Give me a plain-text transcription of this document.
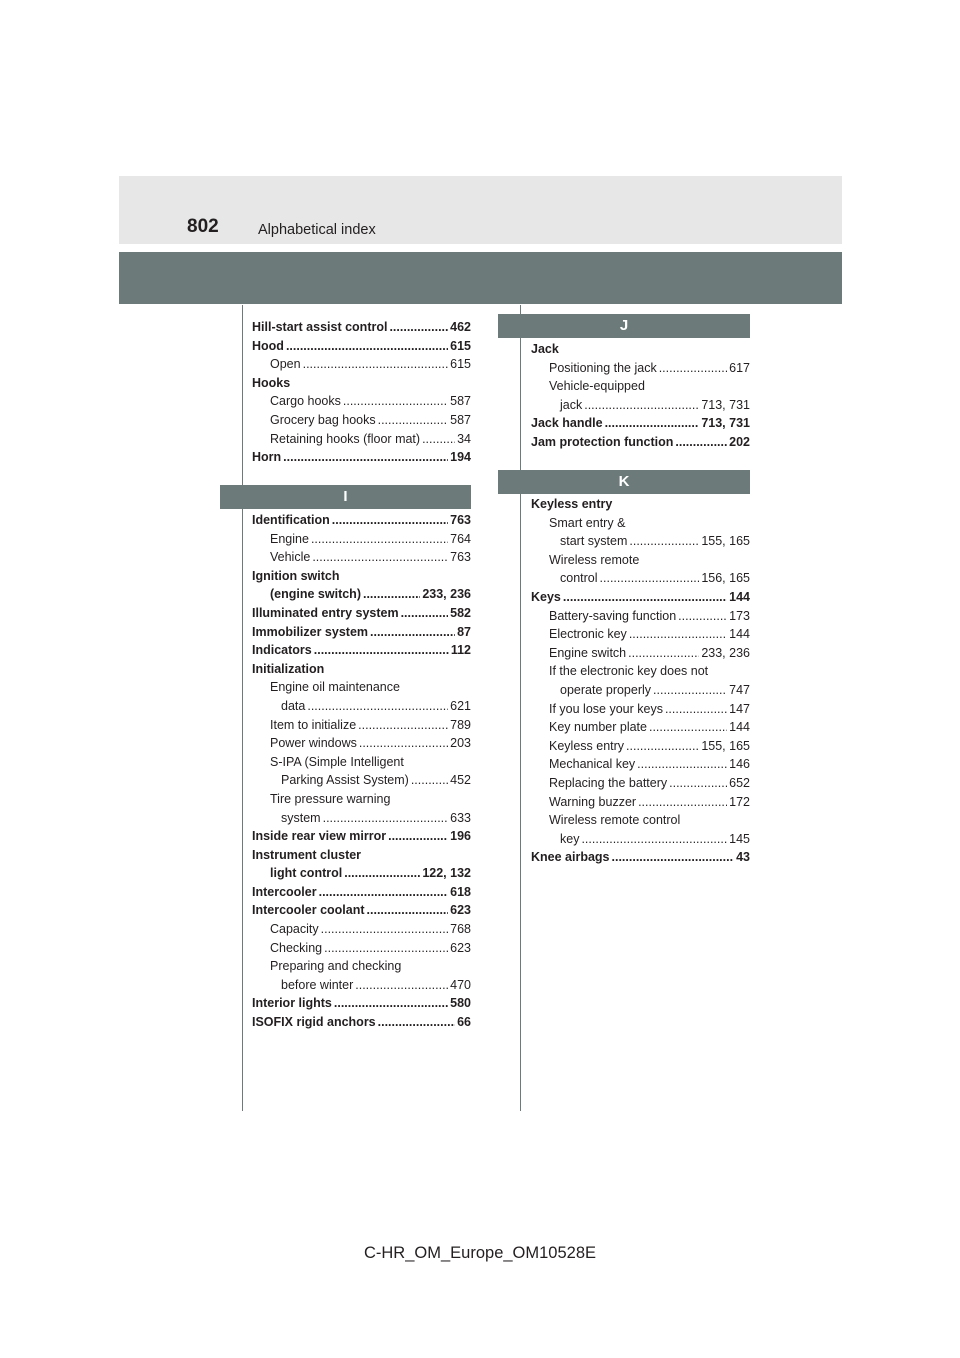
802	Alphabetical index
Hill-start assist control .....	462
Hood .....	615
Open .....	615
Hooks
Cargo hooks .....	587
Grocery bag hooks .....	587
Retaining hooks (floor mat) .....	34
Horn .....	194
I
Identification .....	763
Engine .....	764
Vehicle .....	763
Ignition switch
(engine switch) .....	233, 236
Illuminated entry system .....	582
Immobilizer system .....	87
Indicators .....	112
Initialization
Engine oil maintenance
data .....	621
Item to initialize .....	789
Power windows .....	203
S-IPA (Simple Intelligent
Parking Assist System) .....	452
Tire pressure warning
system .....	633
Inside rear view mirror .....	196
Instrument cluster
light control .....	122, 132
Intercooler .....	618
Intercooler coolant .....	623
Capacity .....	768
Checking .....	623
Preparing and checking
before winter .....	470
Interior lights .....	580
ISOFIX rigid anchors .....	66
J
Jack
Positioning the jack .....	617
Vehicle-equipped
jack .....	713, 731
Jack handle .....	713, 731
Jam protection function .....	202
K
Keyless entry
Smart entry &
start system .....	155, 165
Wireless remote
control .....	156, 165
Keys .....	144
Battery-saving function .....	173
Electronic key .....	144
Engine switch .....	233, 236
If the electronic key does not
operate properly .....	747
If you lose your keys .....	147
Key number plate .....	144
Keyless entry .....	155, 165
Mechanical key .....	146
Replacing the battery .....	652
Warning buzzer .....	172
Wireless remote control
key .....	145
Knee airbags .....	43
C-HR_OM_Europe_OM10528E
